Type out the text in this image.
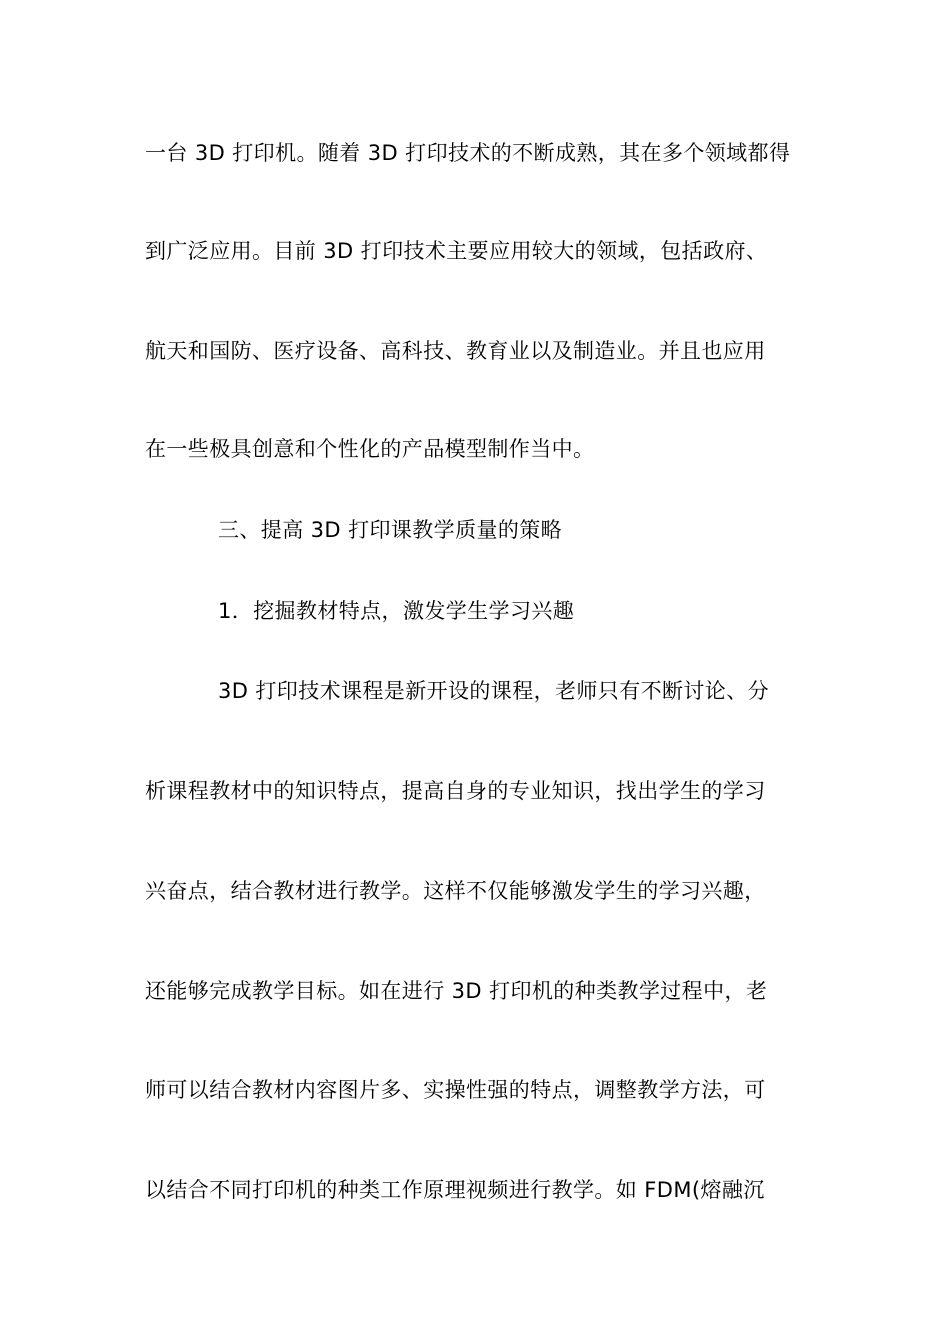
一台 3D 打印机。随着 3D 打印技术的不断成熟，其在多个领域都得
到广泛应用。目前 3D 打印技术主要应用较大的领域，包括政府、
航天和国防、医疗设备、高科技、教育业以及制造业。并且也应用
在一些极具创意和个性化的产品模型制作当中。
三、提高 3D 打印课教学质量的策略
1．挖掘教材特点，激发学生学习兴趣
3D 打印技术课程是新开设的课程，老师只有不断讨论、分
析课程教材中的知识特点，提高自身的专业知识，找出学生的学习
兴奋点，结合教材进行教学。这样不仅能够激发学生的学习兴趣，
还能够完成教学目标。如在进行 3D 打印机的种类教学过程中，老
师可以结合教材内容图片多、实操性强的特点，调整教学方法，可
以结合不同打印机的种类工作原理视频进行教学。如 FDM(熔融沉
